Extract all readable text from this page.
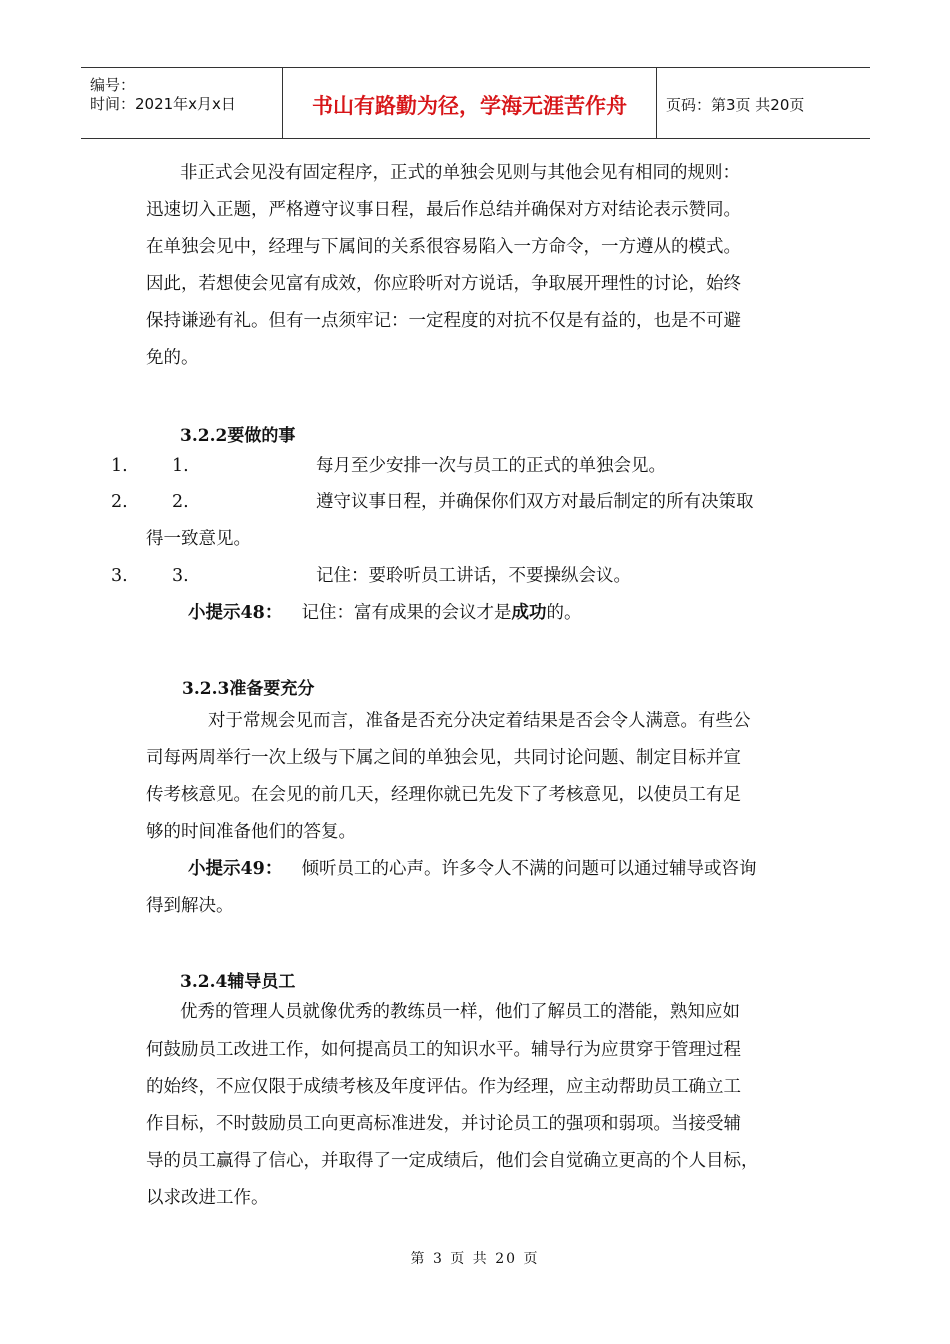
编号：
时间：2021年x月x日	书山有路勤为径，学海无涯苦作舟	页码：第3页 共20页
非正式会见没有固定程序，正式的单独会见则与其他会见有相同的规则：
迅速切入正题，严格遵守议事日程，最后作总结并确保对方对结论表示赞同。
在单独会见中，经理与下属间的关系很容易陷入一方命令，一方遵从的模式。
因此，若想使会见富有成效，你应聆听对方说话，争取展开理性的讨论，始终
保持谦逊有礼。但有一点须牢记：一定程度的对抗不仅是有益的，也是不可避
免的。
3.2.2要做的事
1.	1.	每月至少安排一次与员工的正式的单独会见。
2.	2.	遵守议事日程，并确保你们双方对最后制定的所有决策取
得一致意见。
3.	3.	记住：要聆听员工讲话，不要操纵会议。
小提示48： 记住：富有成果的会议才是成功的。
3.2.3准备要充分
对于常规会见而言，准备是否充分决定着结果是否会令人满意。有些公
司每两周举行一次上级与下属之间的单独会见，共同讨论问题、制定目标并宣
传考核意见。在会见的前几天，经理你就已先发下了考核意见，以使员工有足
够的时间准备他们的答复。
小提示49： 倾听员工的心声。许多令人不满的问题可以通过辅导或咨询
得到解决。
3.2.4辅导员工
优秀的管理人员就像优秀的教练员一样，他们了解员工的潜能，熟知应如
何鼓励员工改进工作，如何提高员工的知识水平。辅导行为应贯穿于管理过程
的始终，不应仅限于成绩考核及年度评估。作为经理，应主动帮助员工确立工
作目标，不时鼓励员工向更高标准进发，并讨论员工的强项和弱项。当接受辅
导的员工赢得了信心，并取得了一定成绩后，他们会自觉确立更高的个人目标，
以求改进工作。
第 3 页 共 20 页
